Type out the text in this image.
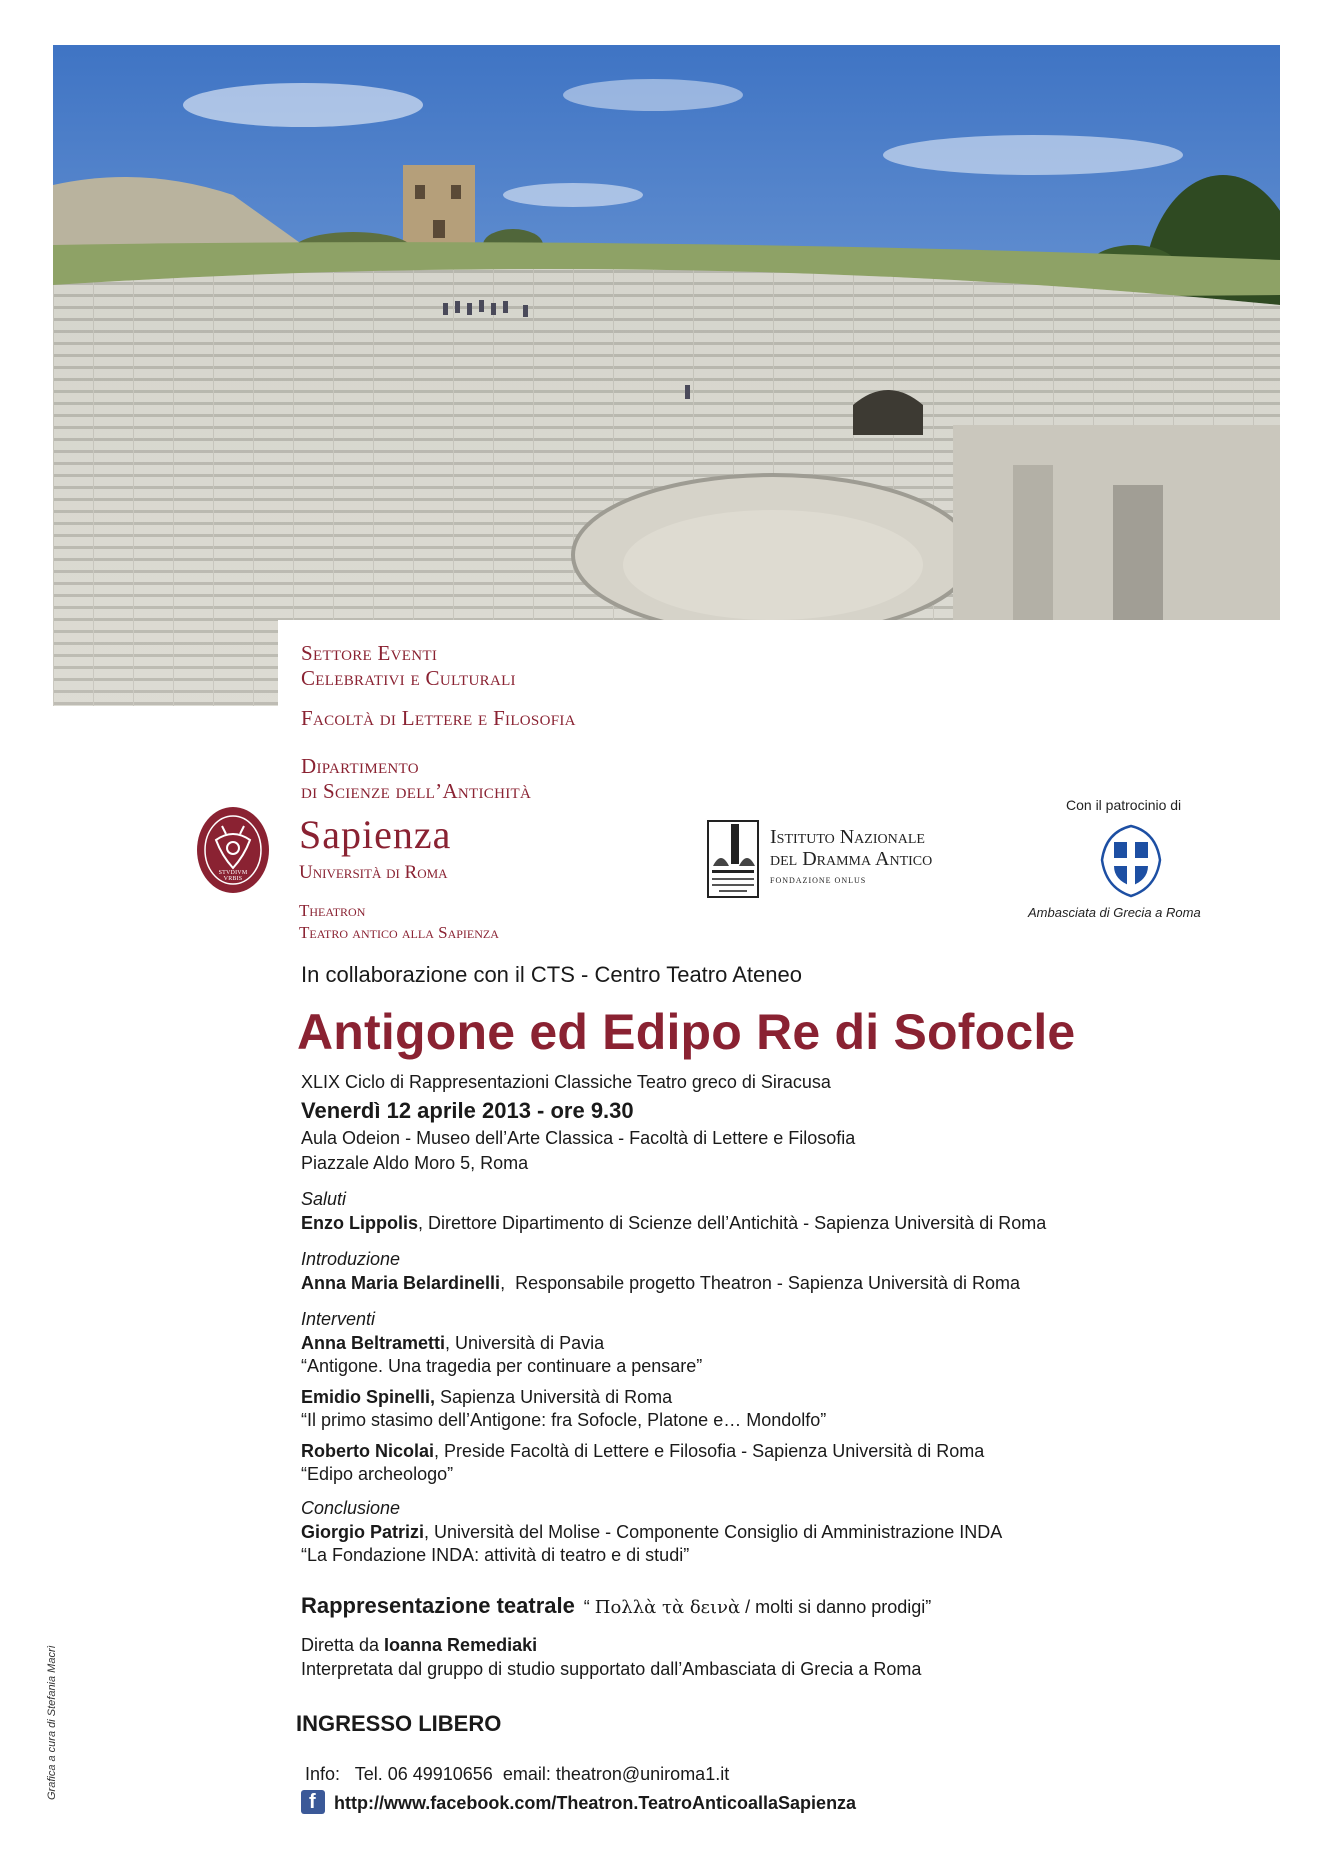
Settore Eventi
Celebrativi e Culturali
Facoltà di Lettere e Filosofia
Dipartimento
di Scienze dell’Antichità
STVDIVM VRBIS
Sapienza
Università di Roma
Theatron
Teatro antico alla Sapienza
Istituto Nazionale
del Dramma Antico
FONDAZIONE ONLUS
Con il patrocinio di
Ambasciata di Grecia a Roma
In collaborazione con il CTS - Centro Teatro Ateneo
Antigone ed Edipo Re di Sofocle
XLIX Ciclo di Rappresentazioni Classiche Teatro greco di Siracusa
Venerdì 12 aprile 2013 - ore 9.30
Aula Odeion - Museo dell’Arte Classica - Facoltà di Lettere e Filosofia
Piazzale Aldo Moro 5, Roma
Saluti
Enzo Lippolis, Direttore Dipartimento di Scienze dell’Antichità - Sapienza Università di Roma
Introduzione
Anna Maria Belardinelli,  Responsabile progetto Theatron - Sapienza Università di Roma
Interventi
Anna Beltrametti, Università di Pavia
“Antigone. Una tragedia per continuare a pensare”
Emidio Spinelli, Sapienza Università di Roma
“Il primo stasimo dell’Antigone: fra Sofocle, Platone e… Mondolfo”
Roberto Nicolai, Preside Facoltà di Lettere e Filosofia - Sapienza Università di Roma
“Edipo archeologo”
Conclusione
Giorgio Patrizi, Università del Molise - Componente Consiglio di Amministrazione INDA
“La Fondazione INDA: attività di teatro e di studi”
Rappresentazione teatrale “ Πολλὰ τὰ δεινὰ / molti si danno prodigi”
Diretta da Ioanna Remediaki
Interpretata dal gruppo di studio supportato dall’Ambasciata di Grecia a Roma
INGRESSO LIBERO
Info:   Tel. 06 49910656  email: theatron@uniroma1.it
f http://www.facebook.com/Theatron.TeatroAnticoallaSapienza
Grafica a cura di Stefania Macrì
